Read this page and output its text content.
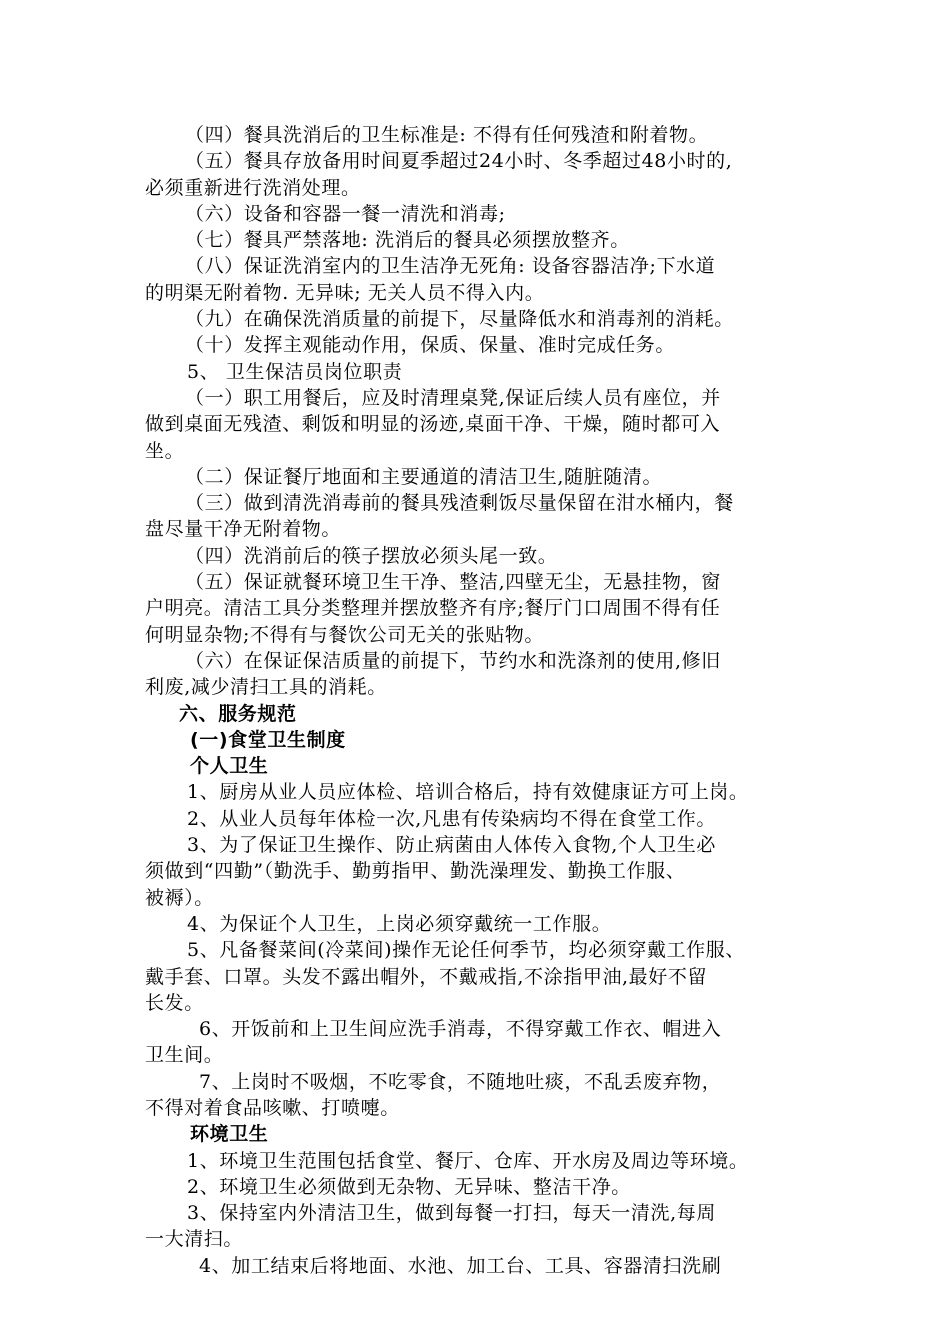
（四）餐具洗消后的卫生标准是: 不得有任何残渣和附着物。

（五）餐具存放备用时间夏季超过24小时、冬季超过48小时的,

必须重新进行洗消处理。

（六）设备和容器一餐一清洗和消毒;

（七）餐具严禁落地: 洗消后的餐具必须摆放整齐。

（八）保证洗消室内的卫生洁净无死角: 设备容器洁净;下水道

的明渠无附着物. 无异味; 无关人员不得入内。

（九）在确保洗消质量的前提下，尽量降低水和消毒剂的消耗。

（十）发挥主观能动作用，保质、保量、准时完成任务。

5、 卫生保洁员岗位职责

（一）职工用餐后，应及时清理桌凳,保证后续人员有座位，并

做到桌面无残渣、剩饭和明显的汤迹,桌面干净、干燥，随时都可入

坐。

（二）保证餐厅地面和主要通道的清洁卫生,随脏随清。

（三）做到清洗消毒前的餐具残渣剩饭尽量保留在泔水桶内，餐

盘尽量干净无附着物。

（四）洗消前后的筷子摆放必须头尾一致。

（五）保证就餐环境卫生干净、整洁,四壁无尘，无悬挂物，窗

户明亮。清洁工具分类整理并摆放整齐有序;餐厅门口周围不得有任

何明显杂物;不得有与餐饮公司无关的张贴物。

（六）在保证保洁质量的前提下，节约水和洗涤剂的使用,修旧

利废,减少清扫工具的消耗。

六、服务规范

(一)食堂卫生制度

个人卫生

1、厨房从业人员应体检、培训合格后，持有效健康证方可上岗。

2、从业人员每年体检一次,凡患有传染病均不得在食堂工作。

3、为了保证卫生操作、防止病菌由人体传入食物,个人卫生必

须做到“四勤”（勤洗手、勤剪指甲、勤洗澡理发、勤换工作服、

被褥）。

4、为保证个人卫生，上岗必须穿戴统一工作服。

5、凡备餐菜间(冷菜间)操作无论任何季节，均必须穿戴工作服、

戴手套、口罩。头发不露出帽外，不戴戒指,不涂指甲油,最好不留

长发。

6、开饭前和上卫生间应洗手消毒，不得穿戴工作衣、帽进入

卫生间。

7、上岗时不吸烟，不吃零食，不随地吐痰，不乱丢废弃物，

不得对着食品咳嗽、打喷嚏。

环境卫生

1、环境卫生范围包括食堂、餐厅、仓库、开水房及周边等环境。

2、环境卫生必须做到无杂物、无异味、整洁干净。

3、保持室内外清洁卫生，做到每餐一打扫，每天一清洗,每周

一大清扫。

4、加工结束后将地面、水池、加工台、工具、容器清扫洗刷
